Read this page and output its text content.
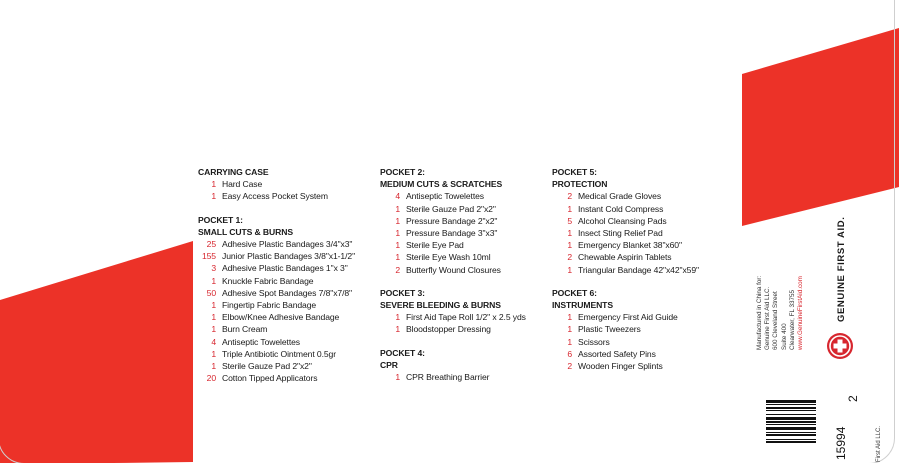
CARRYING CASE
1 Hard Case
1 Easy Access Pocket System
POCKET 1:
SMALL CUTS & BURNS
25 Adhesive Plastic Bandages 3/4"x3"
155 Junior Plastic Bandages 3/8"x1-1/2"
3 Adhesive Plastic Bandages 1"x 3"
1 Knuckle Fabric Bandage
50 Adhesive Spot Bandages 7/8"x7/8"
1 Fingertip Fabric Bandage
1 Elbow/Knee Adhesive Bandage
1 Burn Cream
4 Antiseptic Towelettes
1 Triple Antibiotic Ointment 0.5gr
1 Sterile Gauze Pad 2"x2"
20 Cotton Tipped Applicators
POCKET 2:
MEDIUM CUTS & SCRATCHES
4 Antiseptic Towelettes
1 Sterile Gauze Pad 2"x2"
1 Pressure Bandage 2"x2"
1 Pressure Bandage 3"x3"
1 Sterile Eye Pad
1 Sterile Eye Wash 10ml
2 Butterfly Wound Closures
POCKET 3:
SEVERE BLEEDING & BURNS
1 First Aid Tape Roll 1/2" x 2.5 yds
1 Bloodstopper Dressing
POCKET 4:
CPR
1 CPR Breathing Barrier
POCKET 5:
PROTECTION
2 Medical Grade Gloves
1 Instant Cold Compress
5 Alcohol Cleansing Pads
1 Insect Sting Relief Pad
1 Emergency Blanket 38"x60"
2 Chewable Aspirin Tablets
1 Triangular Bandage 42"x42"x59"
POCKET 6:
INSTRUMENTS
1 Emergency First Aid Guide
1 Plastic Tweezers
1 Scissors
6 Assorted Safety Pins
2 Wooden Finger Splints
Manufactured in China for: Genuine First Aid LLC. 600 Cleveland Street Suite 400 Clearwater, FL 33755 www.GenuineFirstAid.com	GENUINE FIRST AID.
2
15994	First Aid LLC.
